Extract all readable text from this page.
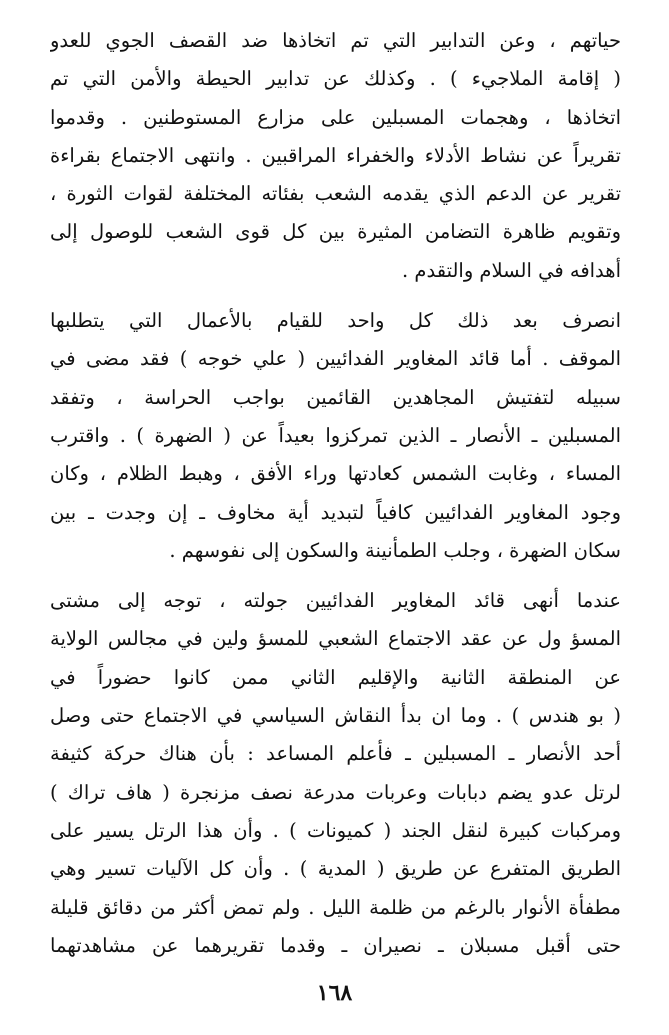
حياتهم ، وعن التدابير التي تم اتخاذها ضد القصف الجوي للعدو
( إقامة الملاجيء ) . وكذلك عن تدابير الحيطة والأمن التي تم
اتخاذها ، وهجمات المسبلين على مزارع المستوطنين . وقدموا
تقريراً عن نشاط الأدلاء والخفراء المراقبين . وانتهى الاجتماع بقراءة
تقرير عن الدعم الذي يقدمه الشعب بفئاته المختلفة لقوات الثورة ،
وتقويم ظاهرة التضامن المثيرة بين كل قوى الشعب للوصول إلى
أهدافه في السلام والتقدم .
انصرف بعد ذلك كل واحد للقيام بالأعمال التي يتطلبها
الموقف . أما قائد المغاوير الفدائيين ( علي خوجه ) فقد مضى في
سبيله لتفتيش المجاهدين القائمين بواجب الحراسة ، وتفقد
المسبلين ـ الأنصار ـ الذين تمركزوا بعيداً عن ( الضهرة ) . واقترب
المساء ، وغابت الشمس كعادتها وراء الأفق ، وهبط الظلام ، وكان
وجود المغاوير الفدائيين كافياً لتبديد أية مخاوف ـ إن وجدت ـ بين
سكان الضهرة ، وجلب الطمأنينة والسكون إلى نفوسهم .
عندما أنهى قائد المغاوير الفدائيين جولته ، توجه إلى مشتى
المسؤ ول عن عقد الاجتماع الشعبي للمسؤ ولين في مجالس الولاية
عن المنطقة الثانية والإقليم الثاني ممن كانوا حضوراً في
( بو هندس ) . وما ان بدأ النقاش السياسي في الاجتماع حتى وصل
أحد الأنصار ـ المسبلين ـ فأعلم المساعد : بأن هناك حركة كثيفة
لرتل عدو يضم دبابات وعربات مدرعة نصف مزنجرة ( هاف تراك )
ومركبات كبيرة لنقل الجند ( كميونات ) . وأن هذا الرتل يسير على
الطريق المتفرع عن طريق ( المدية ) . وأن كل الآليات تسير وهي
مطفأة الأنوار بالرغم من ظلمة الليل . ولم تمض أكثر من دقائق قليلة
حتى أقبل مسبلان ـ نصيران ـ وقدما تقريرهما عن مشاهدتهما
١٦٨
